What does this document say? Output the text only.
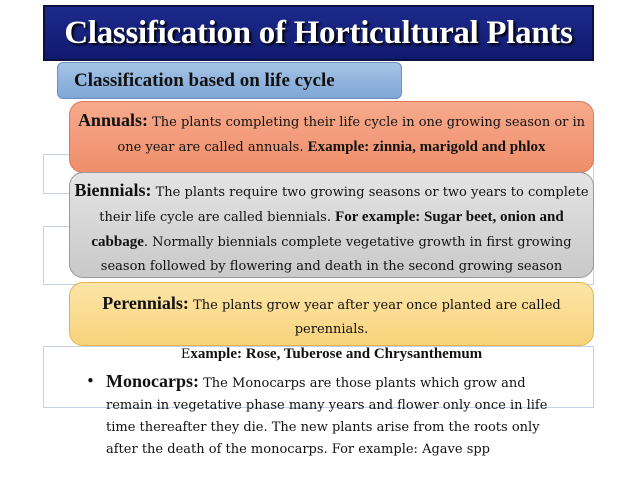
Classification of Horticultural Plants
Classification based on life cycle
Annuals: The plants completing their life cycle in one growing season or in one year are called annuals. Example: zinnia, marigold and phlox
Biennials: The plants require two growing seasons or two years to complete their life cycle are called biennials. For example: Sugar beet, onion and cabbage. Normally biennials complete vegetative growth in first growing season followed by flowering and death in the second growing season
Perennials: The plants grow year after year once planted are called perennials.
Example: Rose, Tuberose and Chrysanthemum
• Monocarps: The Monocarps are those plants which grow and remain in vegetative phase many years and flower only once in life time thereafter they die. The new plants arise from the roots only after the death of the monocarps. For example: Agave spp
